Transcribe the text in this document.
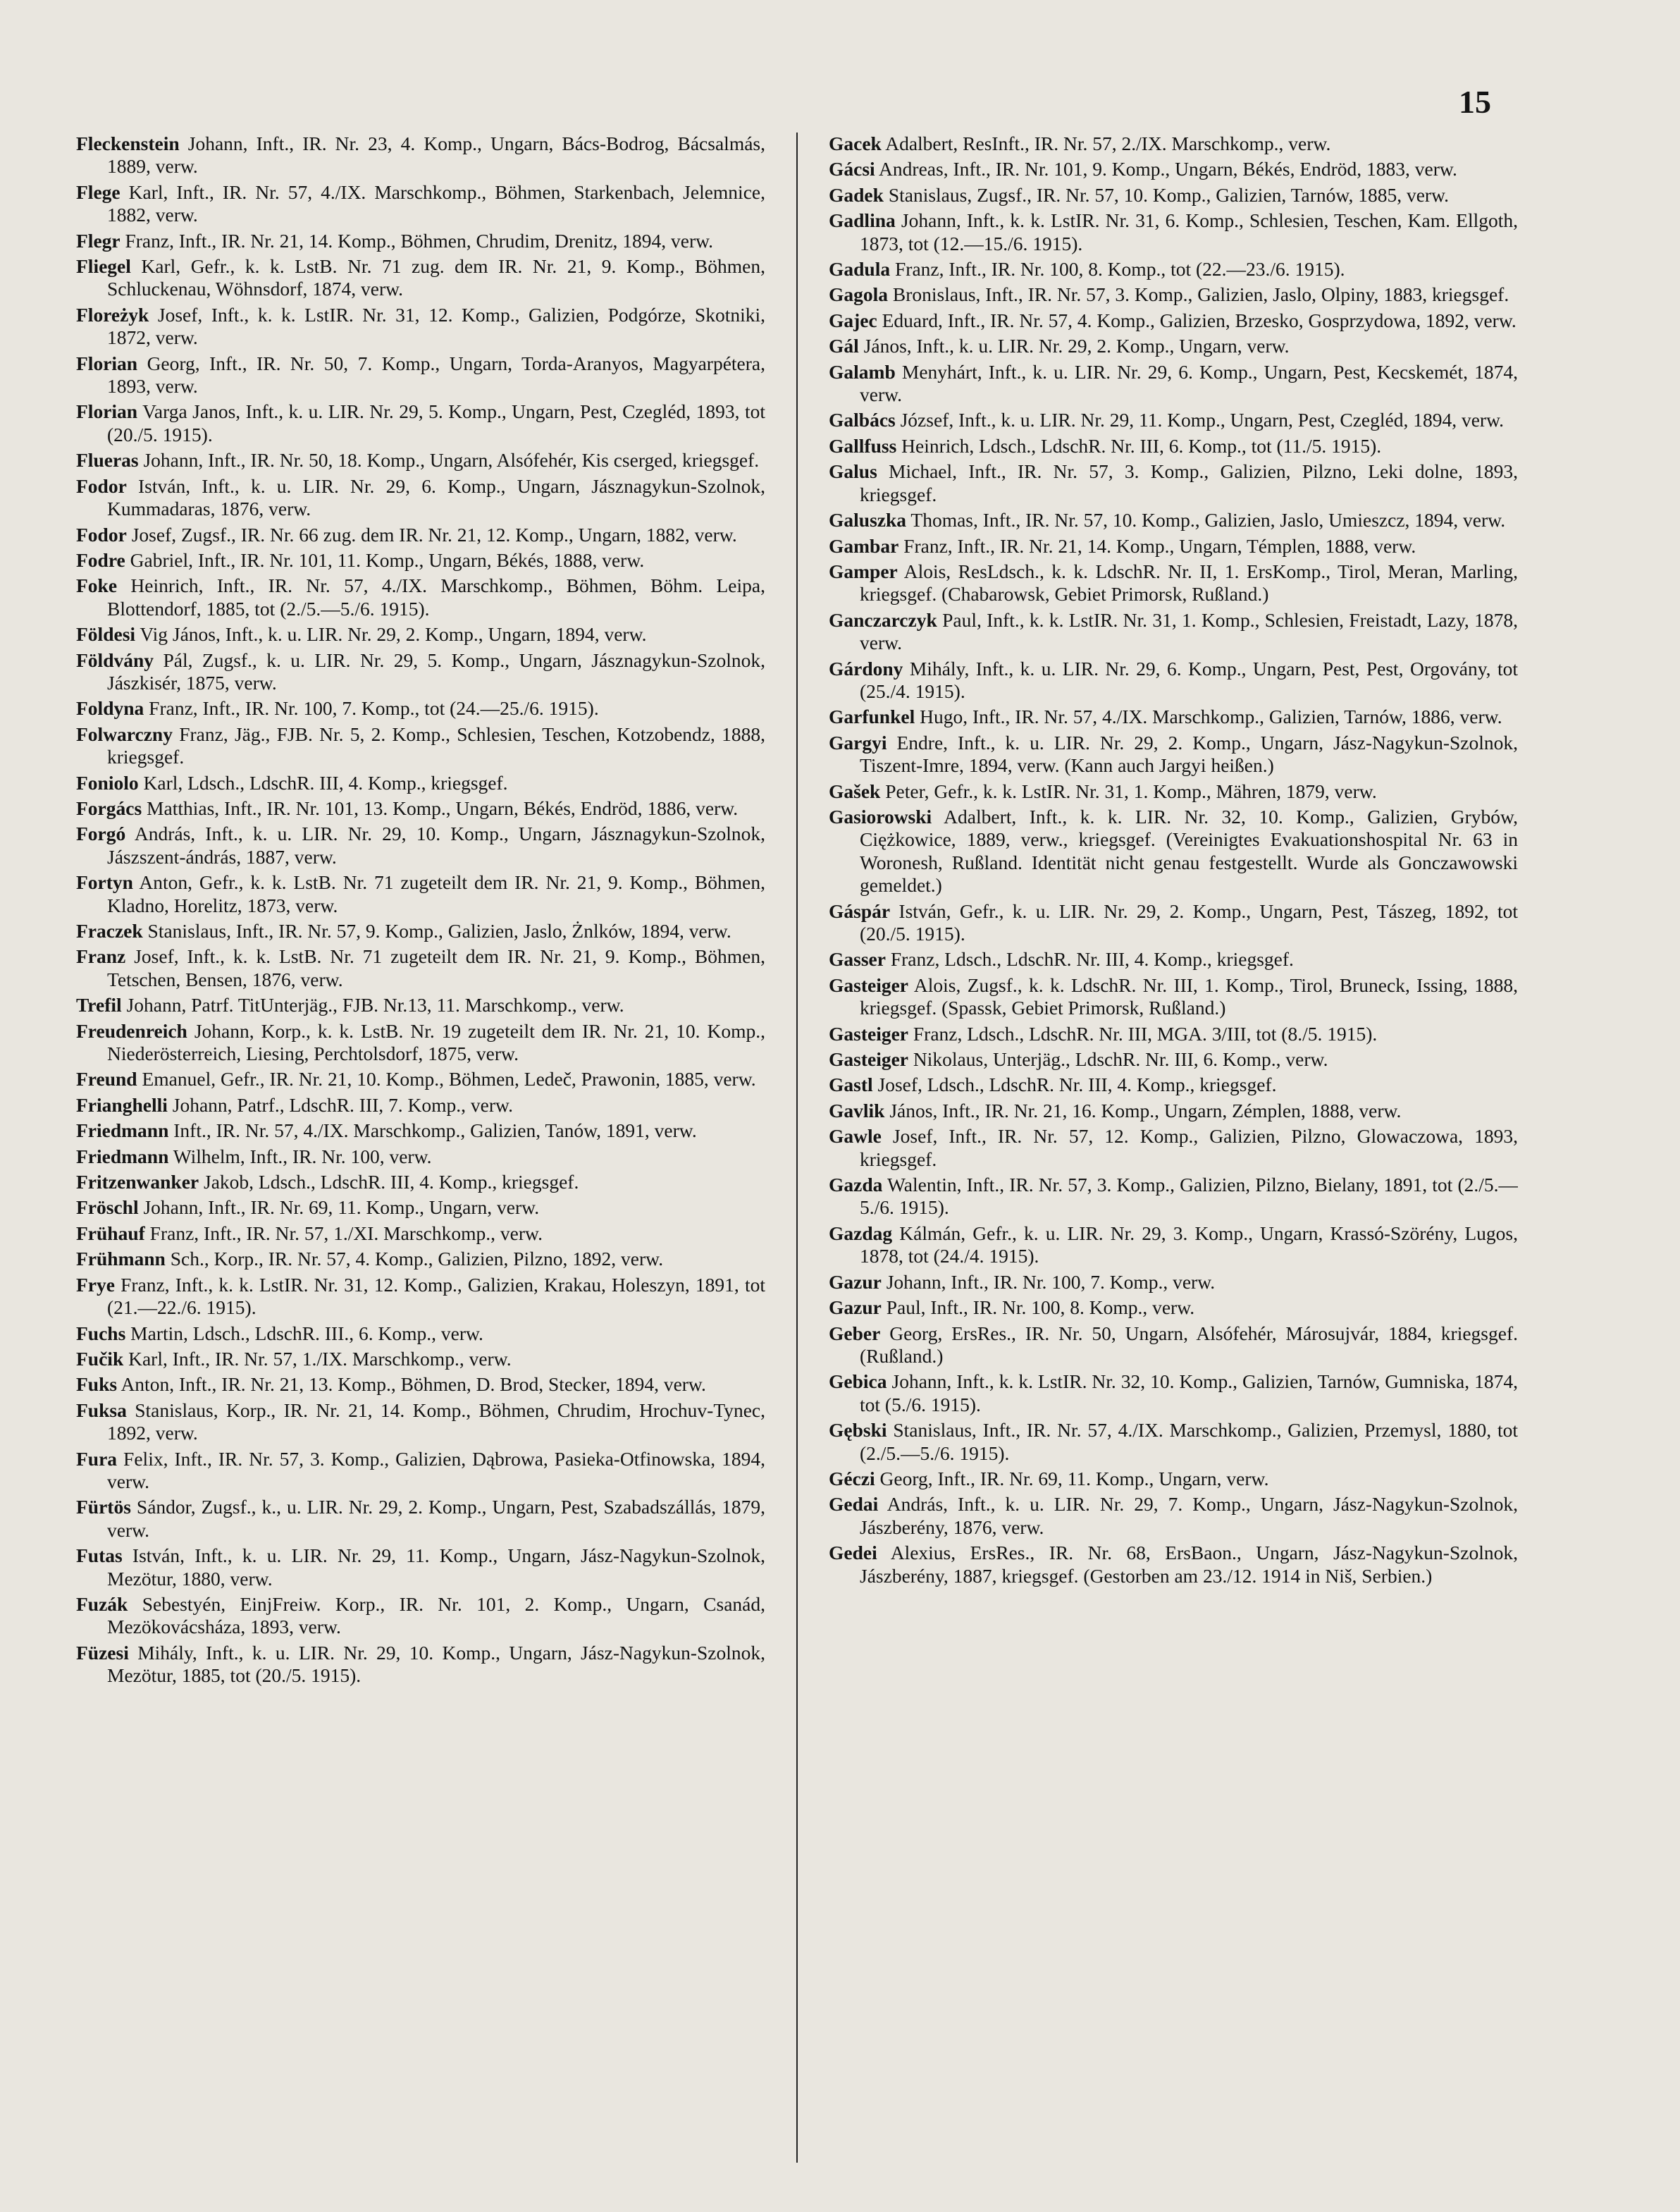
15

Fleckenstein Johann, Inft., IR. Nr. 23, 4. Komp., Ungarn, Bács-Bodrog, Bácsalmás, 1889, verw.

Flege Karl, Inft., IR. Nr. 57, 4./IX. Marschkomp., Böhmen, Starkenbach, Jelemnice, 1882, verw.

Flegr Franz, Inft., IR. Nr. 21, 14. Komp., Böhmen, Chrudim, Drenitz, 1894, verw.

Fliegel Karl, Gefr., k. k. LstB. Nr. 71 zug. dem IR. Nr. 21, 9. Komp., Böhmen, Schluckenau, Wöhnsdorf, 1874, verw.

Floreżyk Josef, Inft., k. k. LstIR. Nr. 31, 12. Komp., Galizien, Podgórze, Skotniki, 1872, verw.

Florian Georg, Inft., IR. Nr. 50, 7. Komp., Ungarn, Torda-Aranyos, Magyarpétera, 1893, verw.

Florian Varga Janos, Inft., k. u. LIR. Nr. 29, 5. Komp., Ungarn, Pest, Czegléd, 1893, tot (20./5. 1915).

Flueras Johann, Inft., IR. Nr. 50, 18. Komp., Ungarn, Alsófehér, Kis cserged, kriegsgef.

Fodor István, Inft., k. u. LIR. Nr. 29, 6. Komp., Ungarn, Jásznagykun-Szolnok, Kummadaras, 1876, verw.

Fodor Josef, Zugsf., IR. Nr. 66 zug. dem IR. Nr. 21, 12. Komp., Ungarn, 1882, verw.

Fodre Gabriel, Inft., IR. Nr. 101, 11. Komp., Ungarn, Békés, 1888, verw.

Foke Heinrich, Inft., IR. Nr. 57, 4./IX. Marschkomp., Böhmen, Böhm. Leipa, Blottendorf, 1885, tot (2./5.—5./6. 1915).

Földesi Vig János, Inft., k. u. LIR. Nr. 29, 2. Komp., Ungarn, 1894, verw.

Földvány Pál, Zugsf., k. u. LIR. Nr. 29, 5. Komp., Ungarn, Jásznagykun-Szolnok, Jászkisér, 1875, verw.

Foldyna Franz, Inft., IR. Nr. 100, 7. Komp., tot (24.—25./6. 1915).

Folwarczny Franz, Jäg., FJB. Nr. 5, 2. Komp., Schlesien, Teschen, Kotzobendz, 1888, kriegsgef.

Foniolo Karl, Ldsch., LdschR. III, 4. Komp., kriegsgef.

Forgács Matthias, Inft., IR. Nr. 101, 13. Komp., Ungarn, Békés, Endröd, 1886, verw.

Forgó András, Inft., k. u. LIR. Nr. 29, 10. Komp., Ungarn, Jásznagykun-Szolnok, Jászszent-ándrás, 1887, verw.

Fortyn Anton, Gefr., k. k. LstB. Nr. 71 zugeteilt dem IR. Nr. 21, 9. Komp., Böhmen, Kladno, Horelitz, 1873, verw.

Fraczek Stanislaus, Inft., IR. Nr. 57, 9. Komp., Galizien, Jaslo, Żnlków, 1894, verw.

Franz Josef, Inft., k. k. LstB. Nr. 71 zugeteilt dem IR. Nr. 21, 9. Komp., Böhmen, Tetschen, Bensen, 1876, verw.

Trefil Johann, Patrf. TitUnterjäg., FJB. Nr.13, 11. Marschkomp., verw.

Freudenreich Johann, Korp., k. k. LstB. Nr. 19 zugeteilt dem IR. Nr. 21, 10. Komp., Niederösterreich, Liesing, Perchtolsdorf, 1875, verw.

Freund Emanuel, Gefr., IR. Nr. 21, 10. Komp., Böhmen, Ledeč, Prawonin, 1885, verw.

Frianghelli Johann, Patrf., LdschR. III, 7. Komp., verw.

Friedmann Inft., IR. Nr. 57, 4./IX. Marschkomp., Galizien, Tanów, 1891, verw.

Friedmann Wilhelm, Inft., IR. Nr. 100, verw.

Fritzenwanker Jakob, Ldsch., LdschR. III, 4. Komp., kriegsgef.

Fröschl Johann, Inft., IR. Nr. 69, 11. Komp., Ungarn, verw.

Frühauf Franz, Inft., IR. Nr. 57, 1./XI. Marschkomp., verw.

Frühmann Sch., Korp., IR. Nr. 57, 4. Komp., Galizien, Pilzno, 1892, verw.

Frye Franz, Inft., k. k. LstIR. Nr. 31, 12. Komp., Galizien, Krakau, Holeszyn, 1891, tot (21.—22./6. 1915).

Fuchs Martin, Ldsch., LdschR. III., 6. Komp., verw.

Fučik Karl, Inft., IR. Nr. 57, 1./IX. Marschkomp., verw.

Fuks Anton, Inft., IR. Nr. 21, 13. Komp., Böhmen, D. Brod, Stecker, 1894, verw.

Fuksa Stanislaus, Korp., IR. Nr. 21, 14. Komp., Böhmen, Chrudim, Hrochuv-Tynec, 1892, verw.

Fura Felix, Inft., IR. Nr. 57, 3. Komp., Galizien, Dąbrowa, Pasieka-Otfinowska, 1894, verw.

Fürtös Sándor, Zugsf., k., u. LIR. Nr. 29, 2. Komp., Ungarn, Pest, Szabadszállás, 1879, verw.

Futas István, Inft., k. u. LIR. Nr. 29, 11. Komp., Ungarn, Jász-Nagykun-Szolnok, Mezötur, 1880, verw.

Fuzák Sebestyén, EinjFreiw. Korp., IR. Nr. 101, 2. Komp., Ungarn, Csanád, Mezökovácsháza, 1893, verw.

Füzesi Mihály, Inft., k. u. LIR. Nr. 29, 10. Komp., Ungarn, Jász-Nagykun-Szolnok, Mezötur, 1885, tot (20./5. 1915).

Gacek Adalbert, ResInft., IR. Nr. 57, 2./IX. Marschkomp., verw.

Gácsi Andreas, Inft., IR. Nr. 101, 9. Komp., Ungarn, Békés, Endröd, 1883, verw.

Gadek Stanislaus, Zugsf., IR. Nr. 57, 10. Komp., Galizien, Tarnów, 1885, verw.

Gadlina Johann, Inft., k. k. LstIR. Nr. 31, 6. Komp., Schlesien, Teschen, Kam. Ellgoth, 1873, tot (12.—15./6. 1915).

Gadula Franz, Inft., IR. Nr. 100, 8. Komp., tot (22.—23./6. 1915).

Gagola Bronislaus, Inft., IR. Nr. 57, 3. Komp., Galizien, Jaslo, Olpiny, 1883, kriegsgef.

Gajec Eduard, Inft., IR. Nr. 57, 4. Komp., Galizien, Brzesko, Gosprzydowa, 1892, verw.

Gál János, Inft., k. u. LIR. Nr. 29, 2. Komp., Ungarn, verw.

Galamb Menyhárt, Inft., k. u. LIR. Nr. 29, 6. Komp., Ungarn, Pest, Kecskemét, 1874, verw.

Galbács József, Inft., k. u. LIR. Nr. 29, 11. Komp., Ungarn, Pest, Czegléd, 1894, verw.

Gallfuss Heinrich, Ldsch., LdschR. Nr. III, 6. Komp., tot (11./5. 1915).

Galus Michael, Inft., IR. Nr. 57, 3. Komp., Galizien, Pilzno, Leki dolne, 1893, kriegsgef.

Galuszka Thomas, Inft., IR. Nr. 57, 10. Komp., Galizien, Jaslo, Umieszcz, 1894, verw.

Gambar Franz, Inft., IR. Nr. 21, 14. Komp., Ungarn, Témplen, 1888, verw.

Gamper Alois, ResLdsch., k. k. LdschR. Nr. II, 1. ErsKomp., Tirol, Meran, Marling, kriegsgef. (Chabarowsk, Gebiet Primorsk, Rußland.)

Ganczarczyk Paul, Inft., k. k. LstIR. Nr. 31, 1. Komp., Schlesien, Freistadt, Lazy, 1878, verw.

Gárdony Mihály, Inft., k. u. LIR. Nr. 29, 6. Komp., Ungarn, Pest, Pest, Orgovány, tot (25./4. 1915).

Garfunkel Hugo, Inft., IR. Nr. 57, 4./IX. Marschkomp., Galizien, Tarnów, 1886, verw.

Gargyi Endre, Inft., k. u. LIR. Nr. 29, 2. Komp., Ungarn, Jász-Nagykun-Szolnok, Tiszent-Imre, 1894, verw. (Kann auch Jargyi heißen.)

Gašek Peter, Gefr., k. k. LstIR. Nr. 31, 1. Komp., Mähren, 1879, verw.

Gasiorowski Adalbert, Inft., k. k. LIR. Nr. 32, 10. Komp., Galizien, Grybów, Ciężkowice, 1889, verw., kriegsgef. (Vereinigtes Evakuationshospital Nr. 63 in Woronesh, Rußland. Identität nicht genau festgestellt. Wurde als Gonczawowski gemeldet.)

Gáspár István, Gefr., k. u. LIR. Nr. 29, 2. Komp., Ungarn, Pest, Tászeg, 1892, tot (20./5. 1915).

Gasser Franz, Ldsch., LdschR. Nr. III, 4. Komp., kriegsgef.

Gasteiger Alois, Zugsf., k. k. LdschR. Nr. III, 1. Komp., Tirol, Bruneck, Issing, 1888, kriegsgef. (Spassk, Gebiet Primorsk, Rußland.)

Gasteiger Franz, Ldsch., LdschR. Nr. III, MGA. 3/III, tot (8./5. 1915).

Gasteiger Nikolaus, Unterjäg., LdschR. Nr. III, 6. Komp., verw.

Gastl Josef, Ldsch., LdschR. Nr. III, 4. Komp., kriegsgef.

Gavlik János, Inft., IR. Nr. 21, 16. Komp., Ungarn, Zémplen, 1888, verw.

Gawle Josef, Inft., IR. Nr. 57, 12. Komp., Galizien, Pilzno, Glowaczowa, 1893, kriegsgef.

Gazda Walentin, Inft., IR. Nr. 57, 3. Komp., Galizien, Pilzno, Bielany, 1891, tot (2./5.—5./6. 1915).

Gazdag Kálmán, Gefr., k. u. LIR. Nr. 29, 3. Komp., Ungarn, Krassó-Szörény, Lugos, 1878, tot (24./4. 1915).

Gazur Johann, Inft., IR. Nr. 100, 7. Komp., verw.

Gazur Paul, Inft., IR. Nr. 100, 8. Komp., verw.

Geber Georg, ErsRes., IR. Nr. 50, Ungarn, Alsófehér, Márosujvár, 1884, kriegsgef. (Rußland.)

Gebica Johann, Inft., k. k. LstIR. Nr. 32, 10. Komp., Galizien, Tarnów, Gumniska, 1874, tot (5./6. 1915).

Gębski Stanislaus, Inft., IR. Nr. 57, 4./IX. Marschkomp., Galizien, Przemysl, 1880, tot (2./5.—5./6. 1915).

Géczi Georg, Inft., IR. Nr. 69, 11. Komp., Ungarn, verw.

Gedai András, Inft., k. u. LIR. Nr. 29, 7. Komp., Ungarn, Jász-Nagykun-Szolnok, Jászberény, 1876, verw.

Gedei Alexius, ErsRes., IR. Nr. 68, ErsBaon., Ungarn, Jász-Nagykun-Szolnok, Jászberény, 1887, kriegsgef. (Gestorben am 23./12. 1914 in Niš, Serbien.)
